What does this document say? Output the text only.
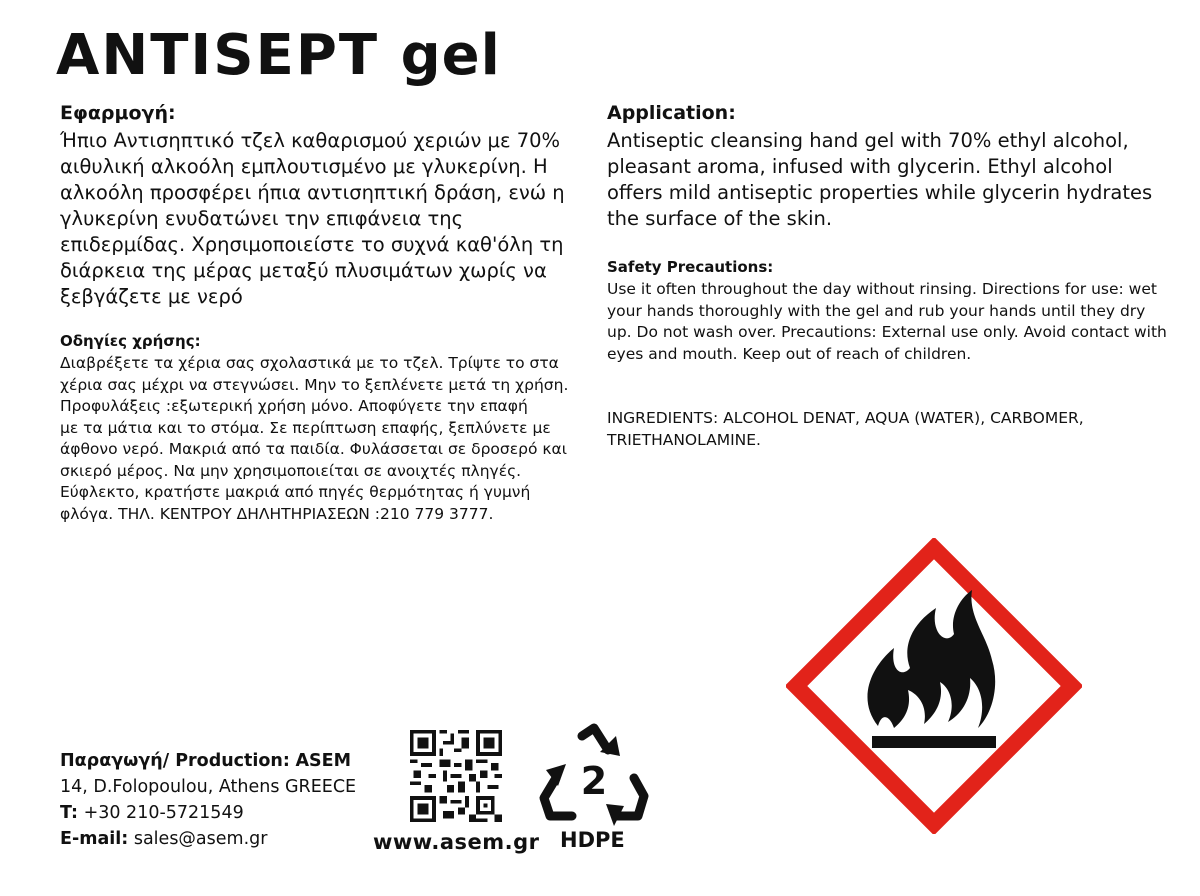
ANTISEPT gel
Εφαρμογή:

Ήπιο Αντισηπτικό τζελ καθαρισμού χεριών με 70% αιθυλική αλκοόλη εμπλουτισμένο με γλυκερίνη. Η αλκοόλη προσφέρει ήπια αντισηπτική δράση, ενώ η γλυκερίνη ενυδατώνει την επιφάνεια της επιδερμίδας. Χρησιμοποιείστε το συχνά καθ'όλη τη διάρκεια της μέρας μεταξύ πλυσιμάτων χωρίς να ξεβγάζετε με νερό

Οδηγίες χρήσης:

Διαβρέξετε τα χέρια σας σχολαστικά με το τζελ. Τρίψτε το στα χέρια σας μέχρι να στεγνώσει. Μην το ξεπλένετε μετά τη χρήση. Προφυλάξεις :εξωτερική χρήση μόνο. Αποφύγετε την επαφή

με τα μάτια και το στόμα. Σε περίπτωση επαφής, ξεπλύνετε με άφθονο νερό. Μακριά από τα παιδία. Φυλάσσεται σε δροσερό και σκιερό μέρος. Να μην χρησιμοποιείται σε ανοιχτές πληγές. Εύφλεκτο, κρατήστε μακριά από πηγές θερμότητας ή γυμνή φλόγα. ΤΗΛ. ΚΕΝΤΡΟΥ ΔΗΛΗΤΗΡΙΑΣΕΩΝ :210 779 3777.

Application:

Antiseptic cleansing hand gel with 70% ethyl alcohol, pleasant aroma, infused with glycerin. Ethyl alcohol offers mild antiseptic properties while glycerin hydrates the surface of the skin.

Safety Precautions:

Use it often throughout the day without rinsing. Directions for use: wet your hands thoroughly with the gel and rub your hands until they dry up. Do not wash over. Precautions: External use only. Avoid contact with eyes and mouth. Keep out of reach of children.

INGREDIENTS: ALCOHOL DENAT, AQUA (WATER), CARBOMER, TRIETHANOLAMINE.

Παραγωγή/ Production: ASEM
14, D.Folopoulou, Athens GREECE
T: +30 210-5721549
E-mail: sales@asem.gr	www.asem.gr
2
HDPE
